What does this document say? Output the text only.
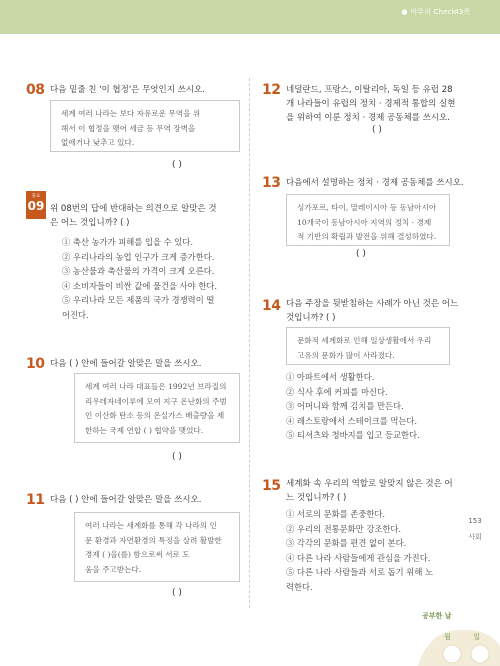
● 마무리 Check
43쪽
08 다음 밑줄 친 '이 협정'은 무엇인지 쓰시오.
세계 여러 나라는 보다 자유로운 무역을 위
해서 이 협정을 맺어 세금 등 무역 장벽을
없애거나 낮추고 있다.
( )
중요
09 위 08번의 답에 반대하는 의견으로 알맞은 것
은 어느 것입니까? ( )
① 축산 농가가 피해를 입을 수 있다.
② 우리나라의 농업 인구가 크게 증가한다.
③ 농산물과 축산물의 가격이 크게 오른다.
④ 소비자들이 비싼 값에 물건을 사야 한다.
⑤ 우리나라 모든 제품의 국가 경쟁력이 떨
어진다.
10 다음 ( ) 안에 들어갈 알맞은 말을 쓰시오.
세계 여러 나라 대표들은 1992년 브라질의
리우데자네이루에 모여 지구 온난화의 주범
인 이산화 탄소 등의 온실가스 배출량을 제
한하는 국제 연합 ( ) 협약을 맺었다.
( )
11 다음 ( ) 안에 들어갈 알맞은 말을 쓰시오.
여러 나라는 세계화를 통해 각 나라의 인
문 환경과 자연환경의 특징을 살려 활발한
경제 ( )을(를) 함으로써 서로 도
움을 주고받는다.
( )
12 네덜란드, 프랑스, 이탈리아, 독일 등 유럽 28
개 나라들이 유럽의 정치 · 경제적 통합의 실현
을 위하여 이룬 정치 · 경제 공동체를 쓰시오.
( )
13 다음에서 설명하는 정치 · 경제 공동체를 쓰시오.
싱가포르, 타이, 말레이시아 등 동남아시아
10개국이 동남아시아 지역의 정치 · 경제
적 기반의 확립과 발전을 위해 결성하였다.
( )
14 다음 주장을 뒷받침하는 사례가 아닌 것은 어느
것입니까? ( )
문화적 세계화로 인해 일상생활에서 우리
고유의 문화가 많이 사라졌다.
① 아파트에서 생활한다.
② 식사 후에 커피를 마신다.
③ 어머니와 함께 김치를 만든다.
④ 레스토랑에서 스테이크를 먹는다.
⑤ 티셔츠와 청바지를 입고 등교한다.
15 세계화 속 우리의 역할로 알맞지 않은 것은 어
느 것입니까? ( )
① 서로의 문화를 존중한다.
② 우리의 전통문화만 강조한다.
③ 각각의 문화를 편견 없이 본다.
④ 다른 나라 사람들에게 관심을 가진다.
⑤ 다른 나라 사람들과 서로 돕기 위해 노
력한다.
153
사회
공부한 날
월	일
